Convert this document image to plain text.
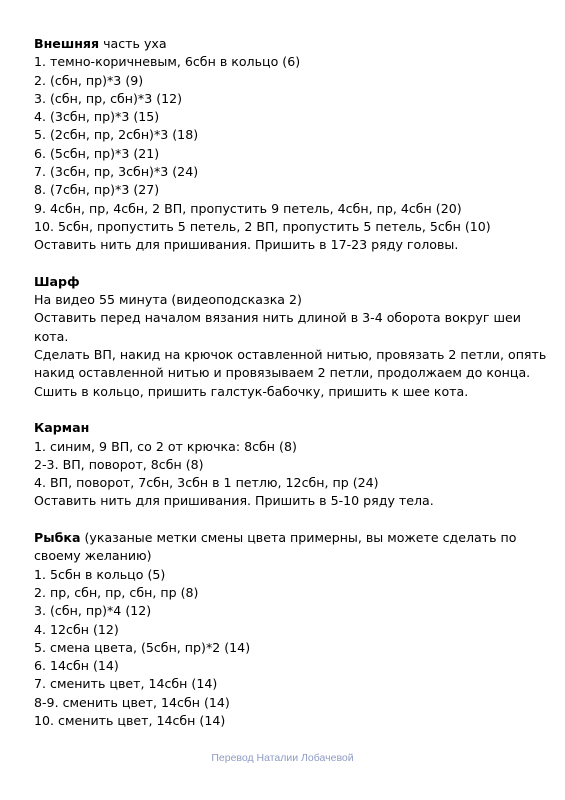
Внешняя часть уха
1. темно-коричневым, 6сбн в кольцо (6)
2. (сбн, пр)*3 (9)
3. (сбн, пр, сбн)*3 (12)
4. (3сбн, пр)*3 (15)
5. (2сбн, пр, 2сбн)*3 (18)
6. (5сбн, пр)*3 (21)
7. (3сбн, пр, 3сбн)*3 (24)
8. (7сбн, пр)*3 (27)
9. 4сбн, пр, 4сбн, 2 ВП, пропустить 9 петель, 4сбн, пр, 4сбн (20)
10. 5сбн, пропустить 5 петель, 2 ВП, пропустить 5 петель, 5сбн (10)
Оставить нить для пришивания. Пришить в 17-23 ряду головы.
Шарф
На видео 55 минута (видеоподсказка 2)
Оставить перед началом вязания нить длиной в 3-4 оборота вокруг шеи
кота.
Сделать ВП, накид на крючок оставленной нитью, провязать 2 петли, опять
накид оставленной нитью и провязываем 2 петли, продолжаем до конца.
Сшить в кольцо, пришить галстук-бабочку, пришить к шее кота.
Карман
1. синим, 9 ВП, со 2 от крючка: 8сбн (8)
2-3. ВП, поворот, 8сбн (8)
4. ВП, поворот, 7сбн, 3сбн в 1 петлю, 12сбн, пр (24)
Оставить нить для пришивания. Пришить в 5-10 ряду тела.
Рыбка (указаные метки смены цвета примерны, вы можете сделать по
своему желанию)
1. 5сбн в кольцо (5)
2. пр, сбн, пр, сбн, пр (8)
3. (сбн, пр)*4 (12)
4. 12сбн (12)
5. смена цвета, (5сбн, пр)*2 (14)
6. 14сбн (14)
7. сменить цвет, 14сбн (14)
8-9. сменить цвет, 14сбн (14)
10. сменить цвет, 14сбн (14)
Перевод Наталии Лобачевой
